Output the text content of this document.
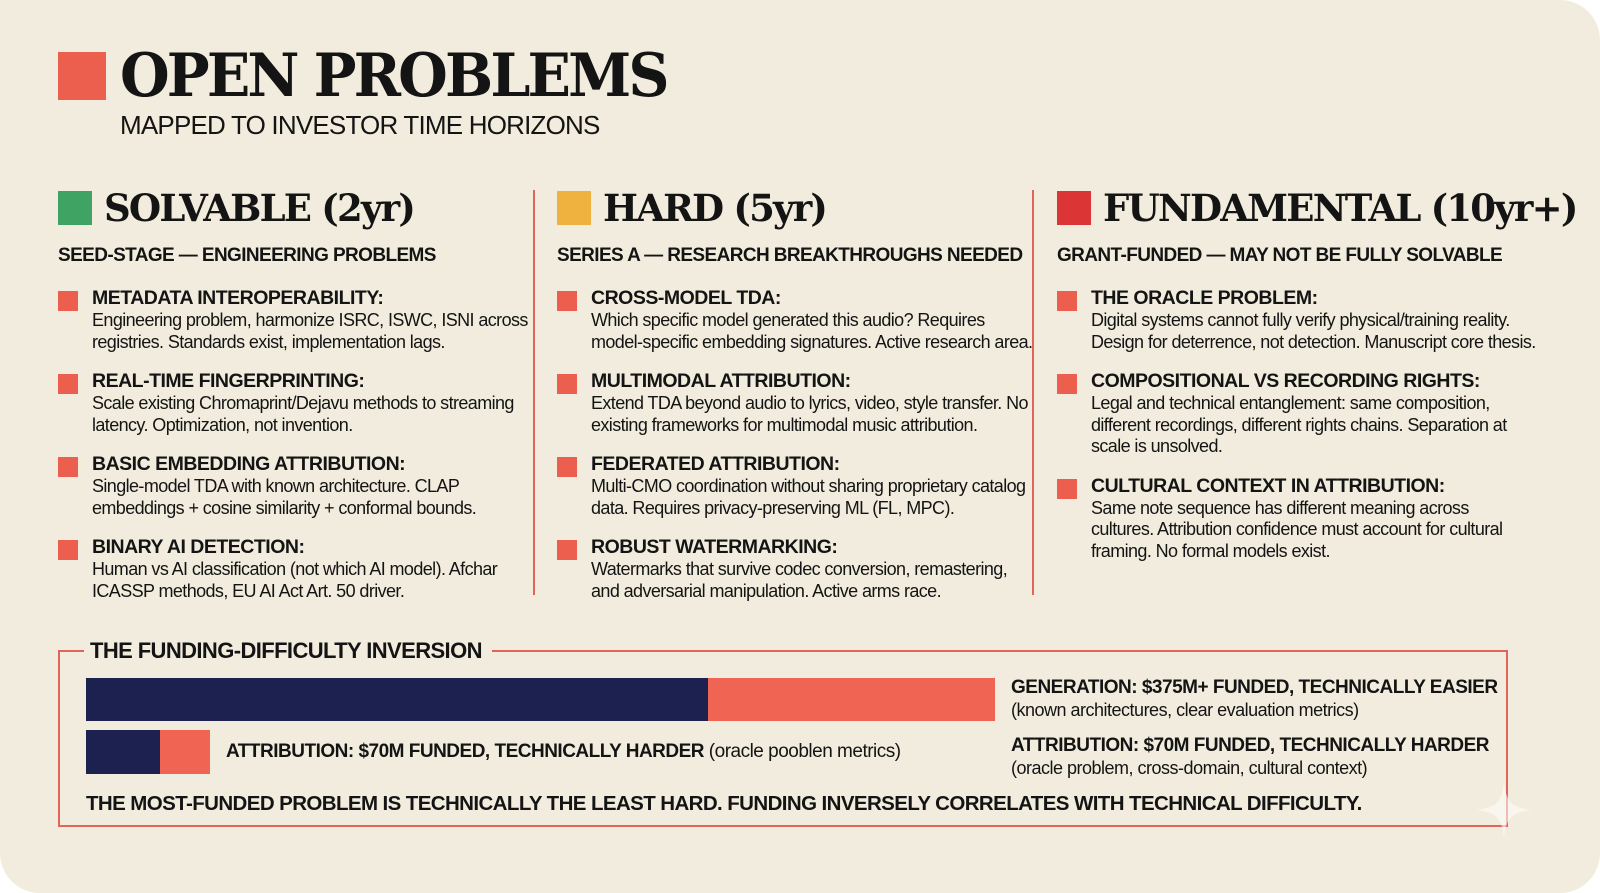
OPEN PROBLEMS
MAPPED TO INVESTOR TIME HORIZONS
SOLVABLE (2yr)
SEED-STAGE — ENGINEERING PROBLEMS
METADATA INTEROPERABILITY:
Engineering problem, harmonize ISRC, ISWC, ISNI across registries. Standards exist, implementation lags.
REAL-TIME FINGERPRINTING:
Scale existing Chromaprint/Dejavu methods to streaming latency. Optimization, not invention.
BASIC EMBEDDING ATTRIBUTION:
Single-model TDA with known architecture. CLAP embeddings + cosine similarity + conformal bounds.
BINARY AI DETECTION:
Human vs AI classification (not which AI model). Afchar ICASSP methods, EU AI Act Art. 50 driver.
HARD (5yr)
SERIES A — RESEARCH BREAKTHROUGHS NEEDED
CROSS-MODEL TDA:
Which specific model generated this audio? Requires model-specific embedding signatures. Active research area.
MULTIMODAL ATTRIBUTION:
Extend TDA beyond audio to lyrics, video, style transfer. No existing frameworks for multimodal music attribution.
FEDERATED ATTRIBUTION:
Multi-CMO coordination without sharing proprietary catalog data. Requires privacy-preserving ML (FL, MPC).
ROBUST WATERMARKING:
Watermarks that survive codec conversion, remastering, and adversarial manipulation. Active arms race.
FUNDAMENTAL (10yr+)
GRANT-FUNDED — MAY NOT BE FULLY SOLVABLE
THE ORACLE PROBLEM:
Digital systems cannot fully verify physical/training reality. Design for deterrence, not detection. Manuscript core thesis.
COMPOSITIONAL VS RECORDING RIGHTS:
Legal and technical entanglement: same composition, different recordings, different rights chains. Separation at scale is unsolved.
CULTURAL CONTEXT IN ATTRIBUTION:
Same note sequence has different meaning across cultures. Attribution confidence must account for cultural framing. No formal models exist.
THE FUNDING-DIFFICULTY INVERSION
ATTRIBUTION: $70M FUNDED, TECHNICALLY HARDER (oracle pooblen metrics)
GENERATION: $375M+ FUNDED, TECHNICALLY EASIER
(known architectures, clear evaluation metrics)
ATTRIBUTION: $70M FUNDED, TECHNICALLY HARDER
(oracle problem, cross-domain, cultural context)
THE MOST-FUNDED PROBLEM IS TECHNICALLY THE LEAST HARD. FUNDING INVERSELY CORRELATES WITH TECHNICAL DIFFICULTY.
